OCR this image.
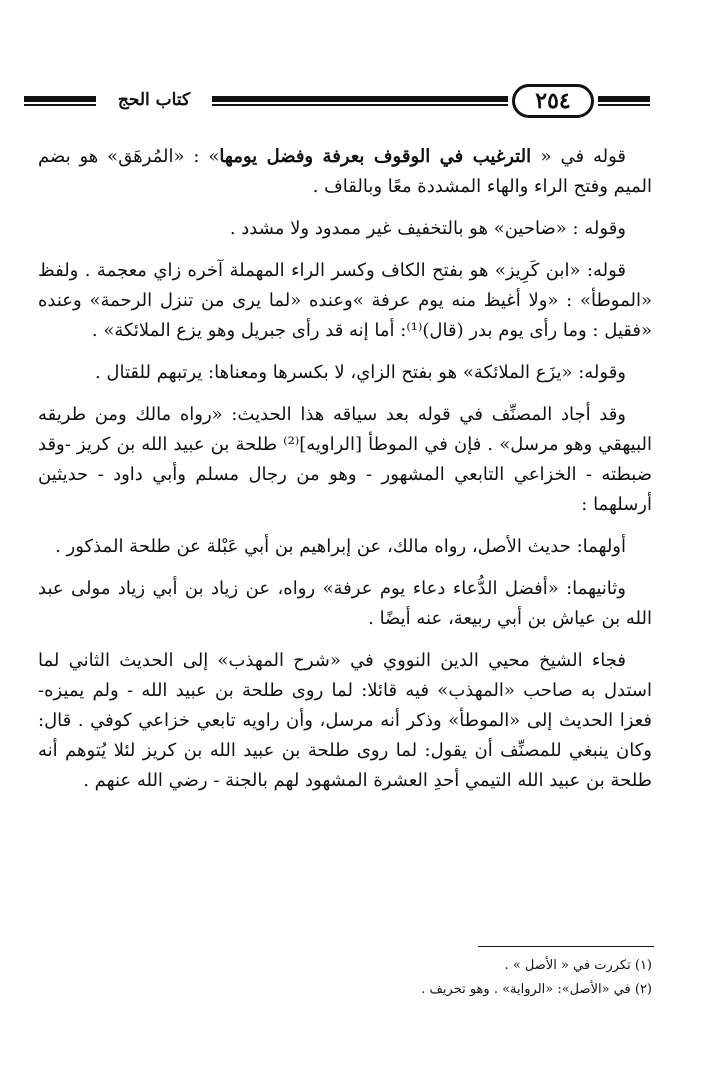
كتاب الحج	٢٥٤

قوله في « الترغيب في الوقوف بعرفة وفضل يومها» : «المُرهَق» هو بضم الميم وفتح الراء والهاء المشددة معًا وبالقاف .

وقوله : «ضاحين» هو بالتخفيف غير ممدود ولا مشدد .

قوله: «ابن كَرِيز» هو بفتح الكاف وكسر الراء المهملة آخره زاي معجمة . ولفظ «الموطأ» : «ولا أغيظ منه يوم عرفة »وعنده «لما يرى من تنزل الرحمة» وعنده «فقيل : وما رأى يوم بدر (قال)⁽¹⁾: أما إنه قد رأى جبريل وهو يزع الملائكة» .

وقوله: «يزَع الملائكة» هو بفتح الزاي، لا بكسرها ومعناها: يرتبهم للقتال .

وقد أجاد المصنِّف في قوله بعد سياقه هذا الحديث: «رواه مالك ومن طريقه البيهقي وهو مرسل» . فإن في الموطأ [الراويه]⁽²⁾ طلحة بن عبيد الله بن كريز -وقد ضبطته - الخزاعي التابعي المشهور - وهو من رجال مسلم وأبي داود - حديثين أرسلهما :

أولهما: حديث الأصل، رواه مالك، عن إبراهيم بن أبي عَبْلة عن طلحة المذكور .

وثانيهما: «أفضل الدُّعاء دعاء يوم عرفة» رواه، عن زياد بن أبي زياد مولى عبد الله بن عياش بن أبي ربيعة، عنه أيضًا .

فجاء الشيخ محيي الدين النووي في «شرح المهذب» إلى الحديث الثاني لما استدل به صاحب «المهذب» فيه قائلا: لما روى طلحة بن عبيد الله - ولم يميزه- فعزا الحديث إلى «الموطأ» وذكر أنه مرسل، وأن راويه تابعي خزاعي كوفي . قال: وكان ينبغي للمصنِّف أن يقول: لما روى طلحة بن عبيد الله بن كريز لئلا يُتوهم أنه طلحة بن عبيد الله التيمي أحدِ العشرة المشهود لهم بالجنة - رضي الله عنهم .

(١) تكررت في « الأصل » .
(٢) في «الأصل»: «الرواية» . وهو تحريف .
